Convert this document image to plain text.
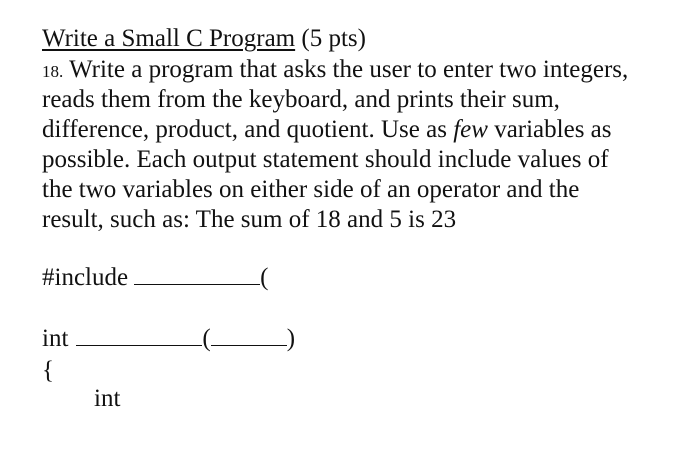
Write a Small C Program (5 pts)
18. Write a program that asks the user to enter two integers,
reads them from the keyboard, and prints their sum,
difference, product, and quotient. Use as few variables as
possible. Each output statement should include values of
the two variables on either side of an operator and the
result, such as: The sum of 18 and 5 is 23
#include	(
int	(	)
{
int
